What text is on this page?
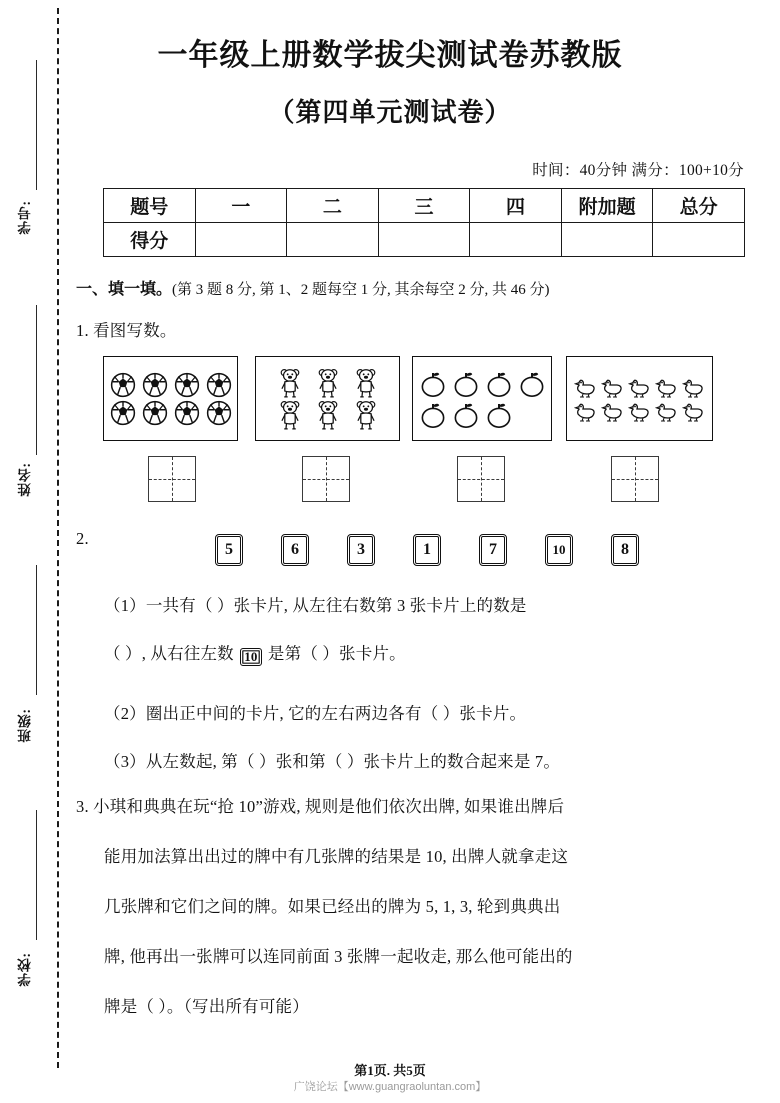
学号:
姓名:
班级:
学校:
一年级上册数学拔尖测试卷苏教版
（第四单元测试卷）
时间：40分钟 满分：100+10分
题号	一	二	三	四	附加题	总分
得分						
一、填一填。(第 3 题 8 分, 第 1、2 题每空 1 分, 其余每空 2 分, 共 46 分)
1. 看图写数。
2.
5	6	3	1	7	10	8
（1）一共有（ ）张卡片, 从左往右数第 3 张卡片上的数是
（ ）, 从右往左数 10 是第（ ）张卡片。
（2）圈出正中间的卡片, 它的左右两边各有（ ）张卡片。
（3）从左数起, 第（ ）张和第（ ）张卡片上的数合起来是 7。
3. 小琪和典典在玩“抢 10”游戏, 规则是他们依次出牌, 如果谁出牌后
能用加法算出出过的牌中有几张牌的结果是 10, 出牌人就拿走这
几张牌和它们之间的牌。如果已经出的牌为 5, 1, 3, 轮到典典出
牌, 他再出一张牌可以连同前面 3 张牌一起收走, 那么他可能出的
牌是（ ）。（写出所有可能）
第1页. 共5页
广饶论坛【www.guangraoluntan.com】
